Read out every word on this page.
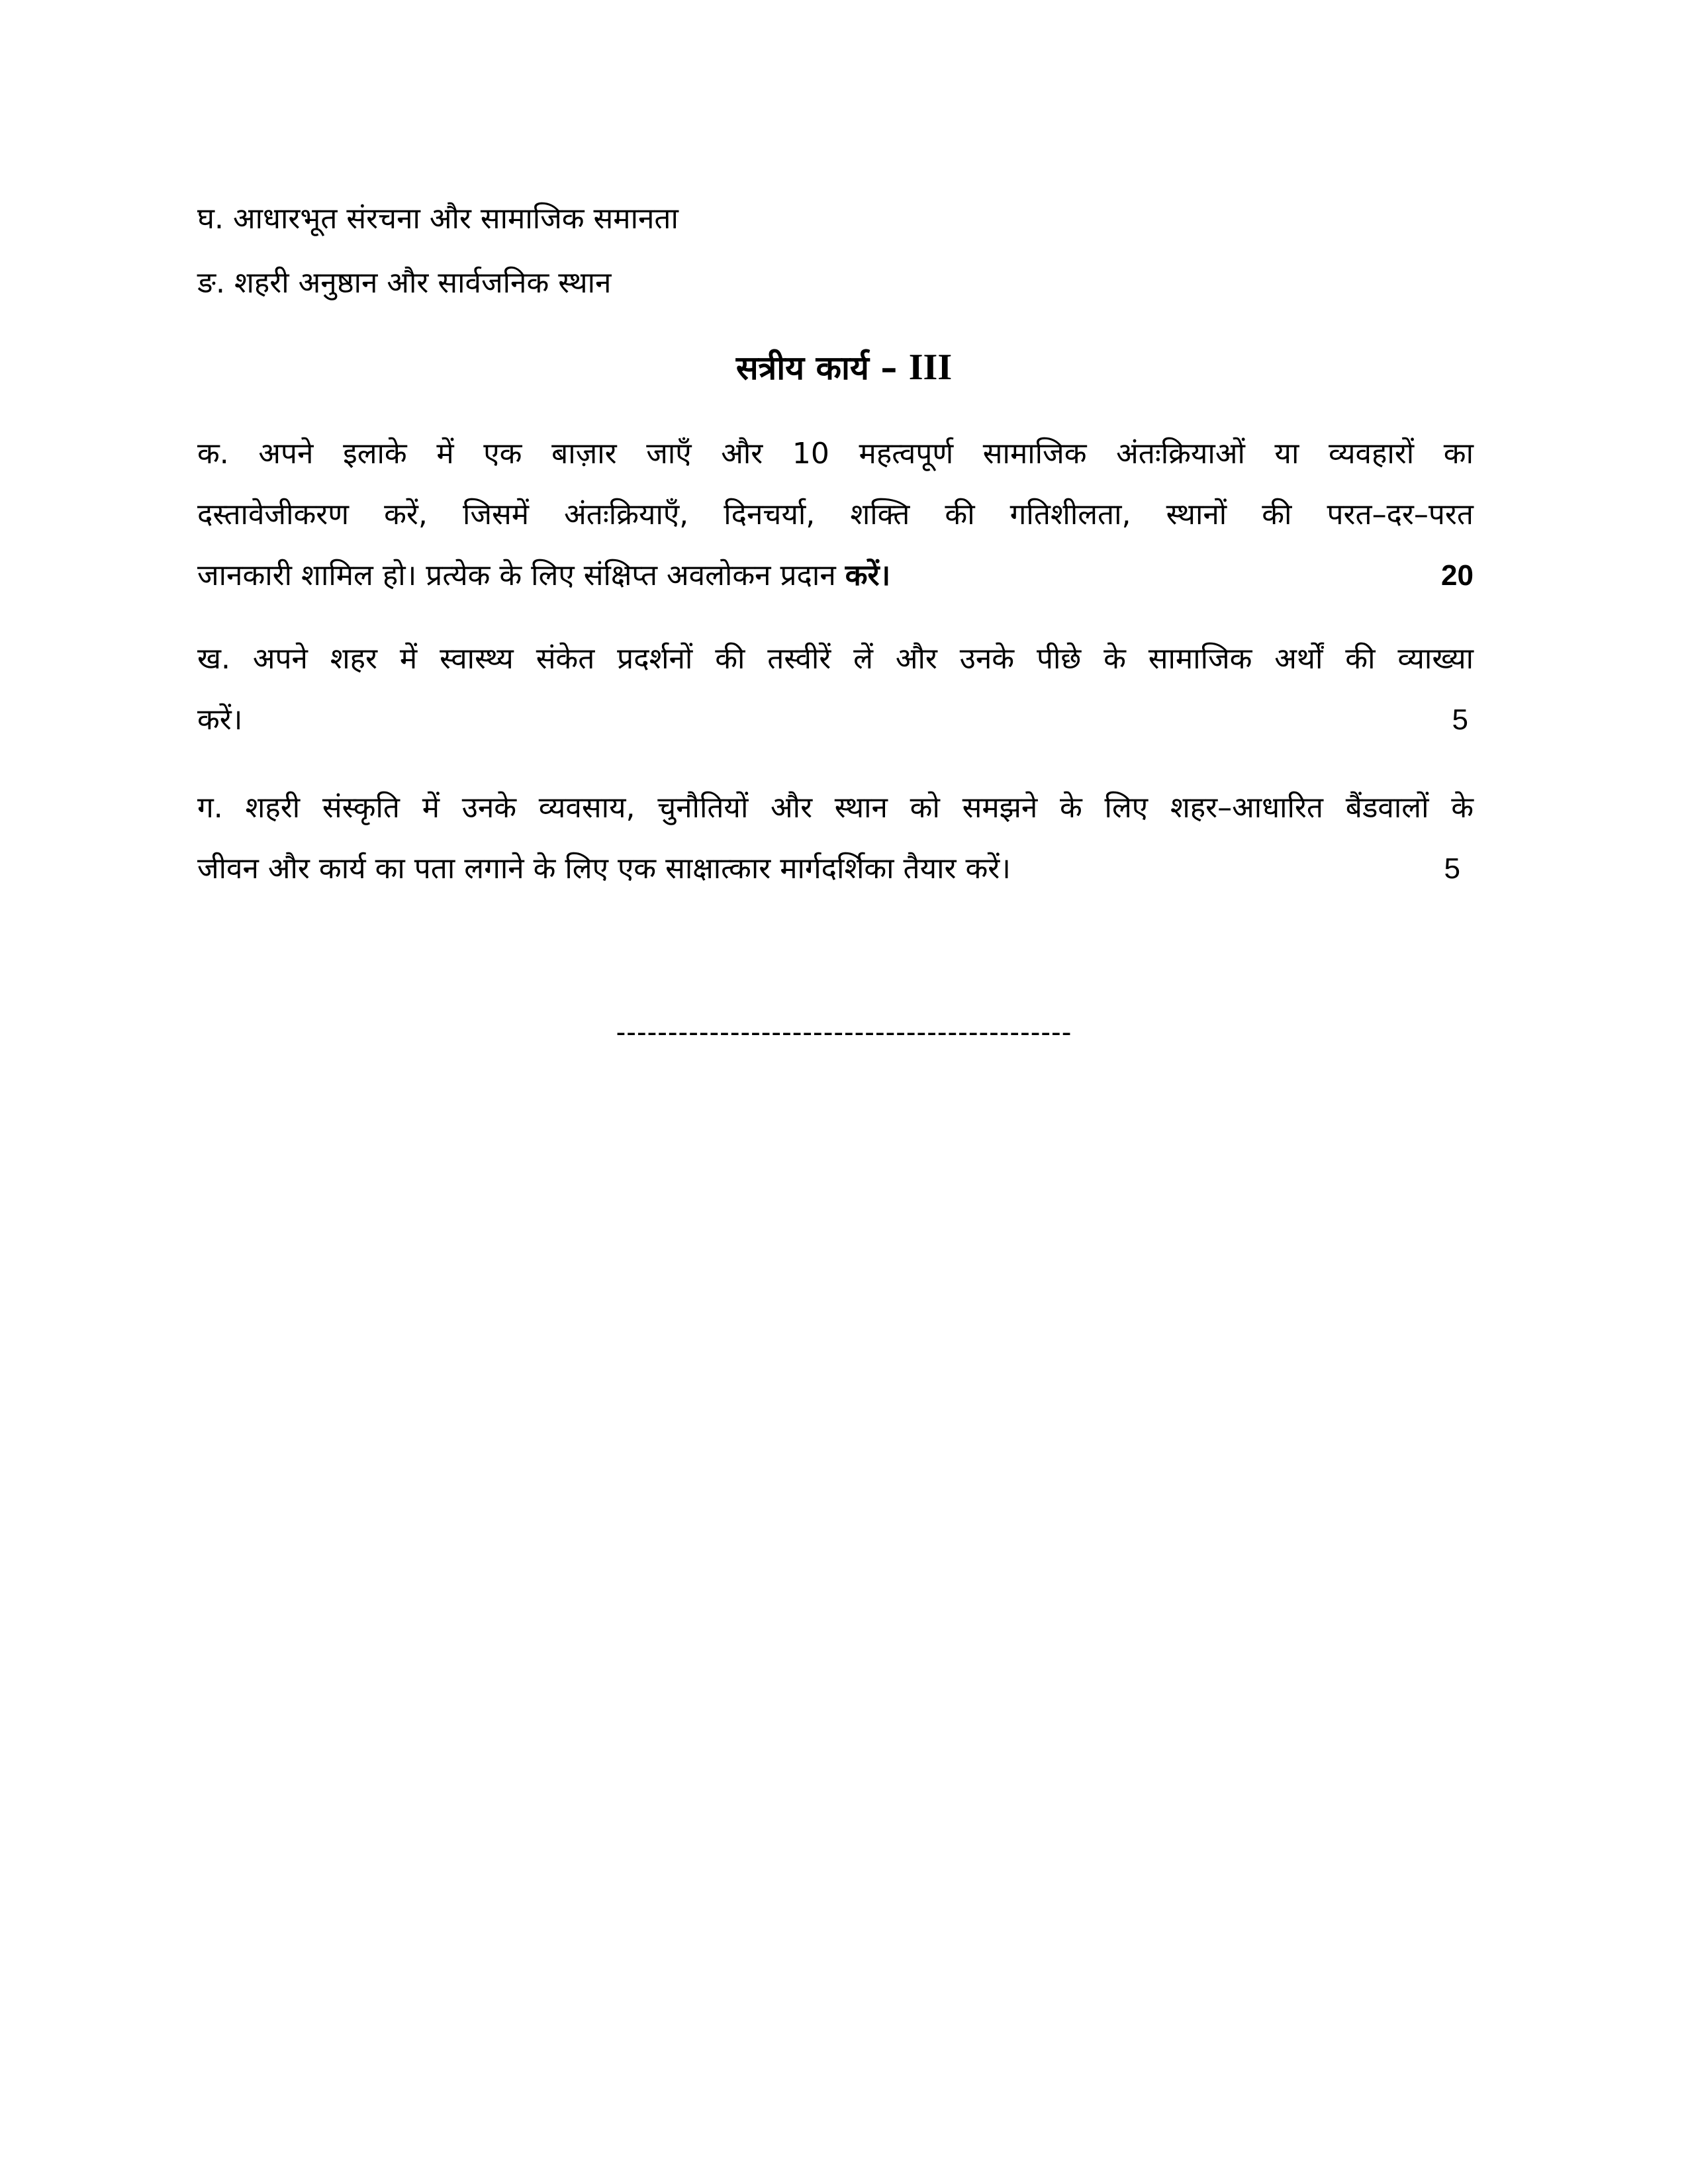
घ. आधारभूत संरचना और सामाजिक समानता
ङ. शहरी अनुष्ठान और सार्वजनिक स्थान
सत्रीय कार्य – III
क. अपने इलाके में एक बाज़ार जाएँ और 10 महत्वपूर्ण सामाजिक अंतःक्रियाओं या व्यवहारों का
दस्तावेजीकरण करें, जिसमें अंतःक्रियाएँ, दिनचर्या, शक्ति की गतिशीलता, स्थानों की परत–दर–परत
जानकारी शामिल हो। प्रत्येक के लिए संक्षिप्त अवलोकन प्रदान करें।	20
ख. अपने शहर में स्वास्थ्य संकेत प्रदर्शनों की तस्वीरें लें और उनके पीछे के सामाजिक अर्थों की व्याख्या
करें।	5
ग. शहरी संस्कृति में उनके व्यवसाय, चुनौतियों और स्थान को समझने के लिए शहर–आधारित बैंडवालों के
जीवन और कार्य का पता लगाने के लिए एक साक्षात्कार मार्गदर्शिका तैयार करें।	5
--------------------------------------------
